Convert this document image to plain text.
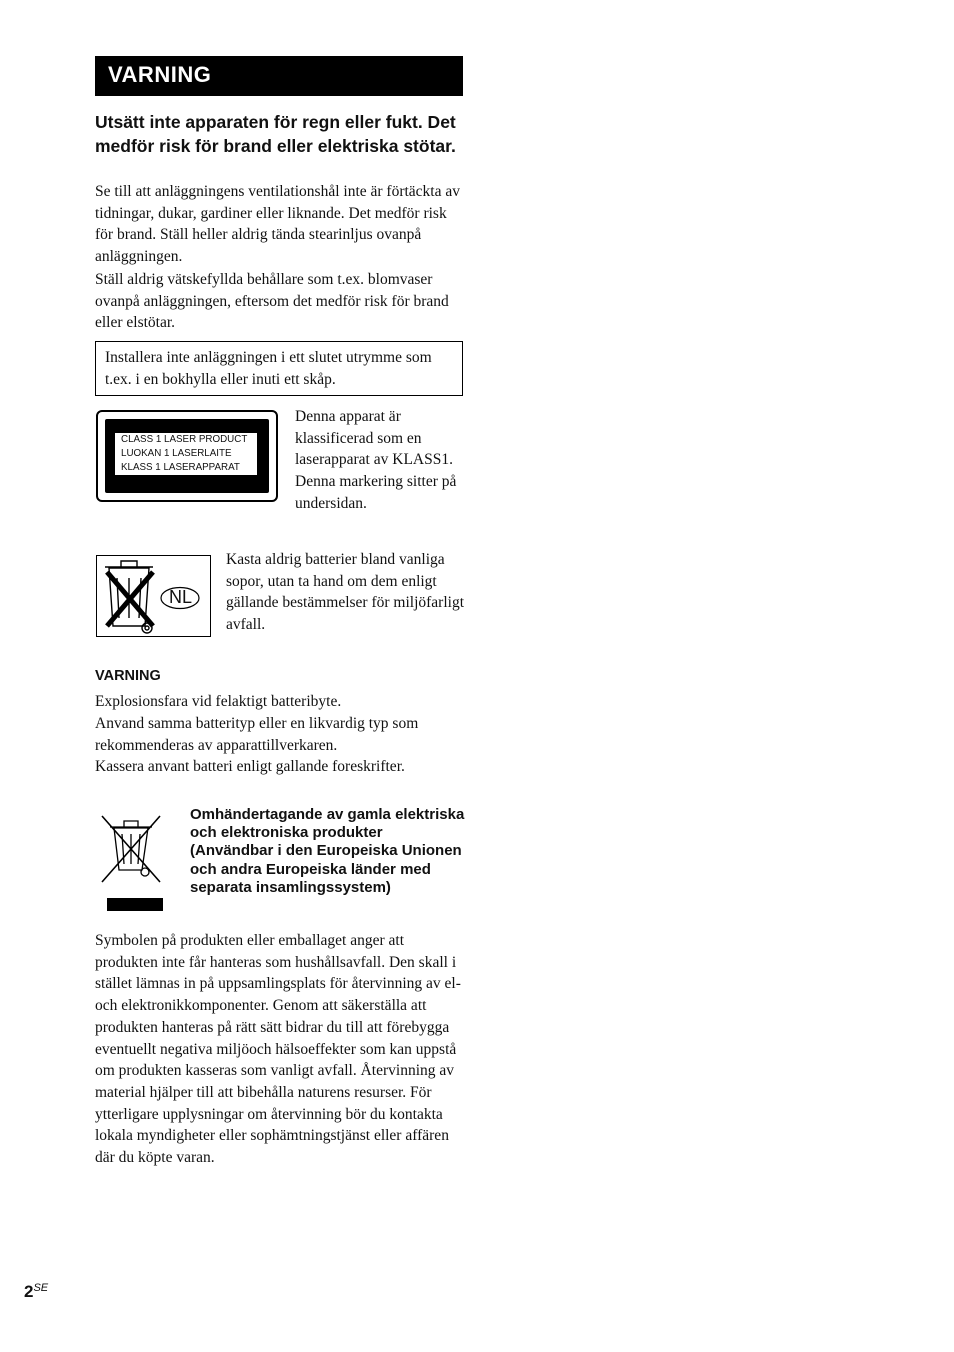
VARNING
Utsätt inte apparaten för regn eller fukt. Det medför risk för brand eller elektriska stötar.

Se till att anläggningens ventilationshål inte är förtäckta av tidningar, dukar, gardiner eller liknande. Det medför risk för brand. Ställ heller aldrig tända stearinljus ovanpå anläggningen.

Ställ aldrig vätskefyllda behållare som t.ex. blomvaser ovanpå anläggningen, eftersom det medför risk för brand eller elstötar.

Installera inte anläggningen i ett slutet utrymme som t.ex. i en bokhylla eller inuti ett skåp.
CLASS 1 LASER PRODUCT
LUOKAN 1 LASERLAITE
KLASS 1 LASERAPPARAT

Denna apparat är klassificerad som en laserapparat av KLASS1. Denna markering sitter på undersidan.

NL

Kasta aldrig batterier bland vanliga sopor, utan ta hand om dem enligt gällande bestämmelser för miljöfarligt avfall.

VARNING

Explosionsfara vid felaktigt batteribyte.

Anvand samma batterityp eller en likvardig typ som rekommenderas av apparattillverkaren.

Kassera anvant batteri enligt gallande foreskrifter.

Omhändertagande av gamla elektriska och elektroniska produkter (Användbar i den Europeiska Unionen och andra Europeiska länder med separata insamlingssystem)

Symbolen på produkten eller emballaget anger att produkten inte får hanteras som hushållsavfall. Den skall i stället lämnas in på uppsamlingsplats för återvinning av el- och elektronikkomponenter. Genom att säkerställa att produkten hanteras på rätt sätt bidrar du till att förebygga eventuellt negativa miljöoch hälsoeffekter som kan uppstå om produkten kasseras som vanligt avfall. Återvinning av material hjälper till att bibehålla naturens resurser. För ytterligare upplysningar om återvinning bör du kontakta lokala myndigheter eller sophämtningstjänst eller affären där du köpte varan.

$2^{SE}$
